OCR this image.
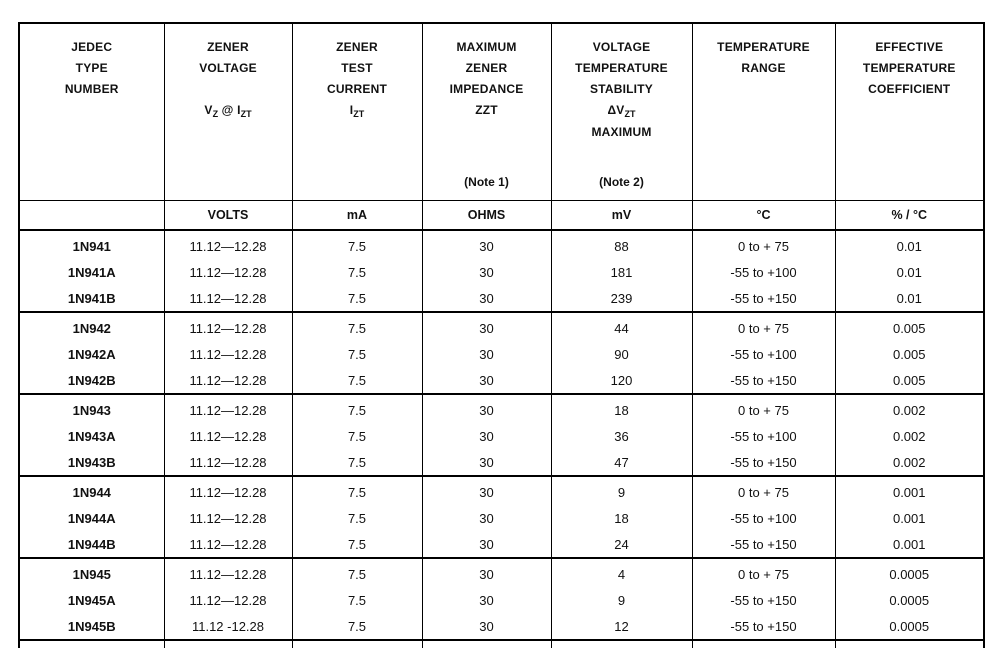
JEDEC
TYPE
NUMBER

ZENER
VOLTAGE
$V_Z$ @ $I_{ZT}$

ZENER
TEST
CURRENT
$I_{ZT}$

MAXIMUM
ZENER
IMPEDANCE
ZZT
(Note 1)

VOLTAGE
TEMPERATURE
STABILITY
$\Delta V_{ZT}$
MAXIMUM
(Note 2)

TEMPERATURE
RANGE

EFFECTIVE
TEMPERATURE
COEFFICIENT

	VOLTS	mA	OHMS	mV	°C	% / °C
1N941	11.12—12.28	7.5	30	88	0 to + 75	0.01
1N941A	11.12—12.28	7.5	30	181	-55 to +100	0.01
1N941B	11.12—12.28	7.5	30	239	-55 to +150	0.01
1N942	11.12—12.28	7.5	30	44	0 to + 75	0.005
1N942A	11.12—12.28	7.5	30	90	-55 to +100	0.005
1N942B	11.12—12.28	7.5	30	120	-55 to +150	0.005
1N943	11.12—12.28	7.5	30	18	0 to + 75	0.002
1N943A	11.12—12.28	7.5	30	36	-55 to +100	0.002
1N943B	11.12—12.28	7.5	30	47	-55 to +150	0.002
1N944	11.12—12.28	7.5	30	9	0 to + 75	0.001
1N944A	11.12—12.28	7.5	30	18	-55 to +100	0.001
1N944B	11.12—12.28	7.5	30	24	-55 to +150	0.001
1N945	11.12—12.28	7.5	30	4	0 to + 75	0.0005
1N945A	11.12—12.28	7.5	30	9	-55 to +150	0.0005
1N945B	11.12 -12.28	7.5	30	12	-55 to +150	0.0005
